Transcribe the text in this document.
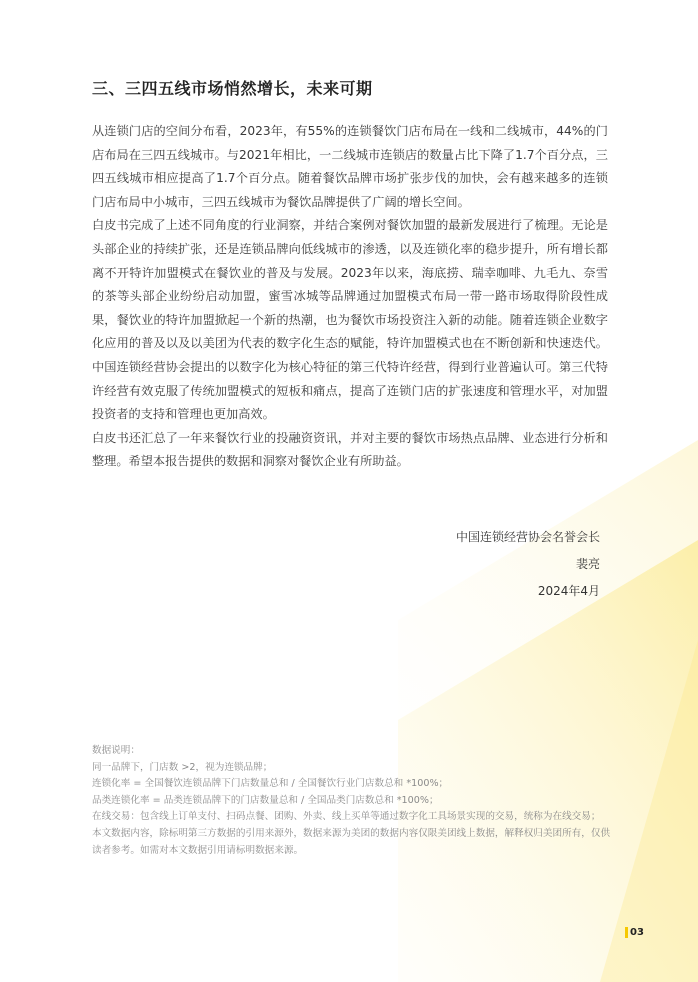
三、三四五线市场悄然增长，未来可期

从连锁门店的空间分布看，2023年，有55%的连锁餐饮门店布局在一线和二线城市，44%的门店布局在三四五线城市。与2021年相比，一二线城市连锁店的数量占比下降了1.7个百分点，三四五线城市相应提高了1.7个百分点。随着餐饮品牌市场扩张步伐的加快，会有越来越多的连锁门店布局中小城市，三四五线城市为餐饮品牌提供了广阔的增长空间。

白皮书完成了上述不同角度的行业洞察，并结合案例对餐饮加盟的最新发展进行了梳理。无论是头部企业的持续扩张，还是连锁品牌向低线城市的渗透，以及连锁化率的稳步提升，所有增长都离不开特许加盟模式在餐饮业的普及与发展。2023年以来，海底捞、瑞幸咖啡、九毛九、奈雪的茶等头部企业纷纷启动加盟，蜜雪冰城等品牌通过加盟模式布局一带一路市场取得阶段性成果，餐饮业的特许加盟掀起一个新的热潮，也为餐饮市场投资注入新的动能。随着连锁企业数字化应用的普及以及以美团为代表的数字化生态的赋能，特许加盟模式也在不断创新和快速迭代。中国连锁经营协会提出的以数字化为核心特征的第三代特许经营，得到行业普遍认可。第三代特许经营有效克服了传统加盟模式的短板和痛点，提高了连锁门店的扩张速度和管理水平，对加盟投资者的支持和管理也更加高效。

白皮书还汇总了一年来餐饮行业的投融资资讯，并对主要的餐饮市场热点品牌、业态进行分析和整理。希望本报告提供的数据和洞察对餐饮企业有所助益。

中国连锁经营协会名誉会长
裴亮
2024年4月
数据说明：
同一品牌下，门店数 >2，视为连锁品牌；
连锁化率 = 全国餐饮连锁品牌下门店数量总和 / 全国餐饮行业门店数总和 *100%；
品类连锁化率 = 品类连锁品牌下的门店数量总和 / 全国品类门店数总和 *100%；
在线交易：包含线上订单支付、扫码点餐、团购、外卖、线上买单等通过数字化工具场景实现的交易，统称为在线交易；
本文数据内容，除标明第三方数据的引用来源外，数据来源为美团的数据内容仅限美团线上数据，解释权归美团所有，仅供读者参考。如需对本文数据引用请标明数据来源。
03
